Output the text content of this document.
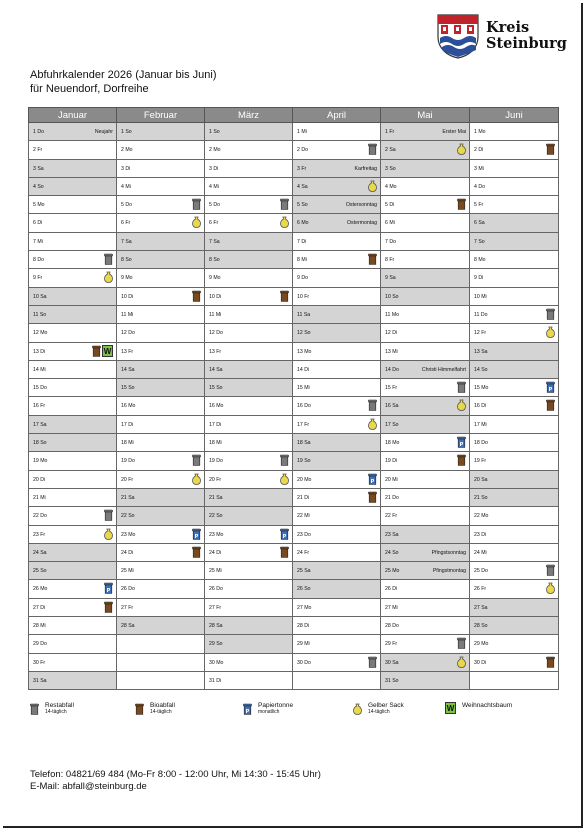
Kreis
Steinburg
Abfuhrkalender 2026 (Januar bis Juni)
für Neuendorf, Dorfreihe
Januar	Februar	März	April	Mai	Juni

1 Do Neujahr	1 So	1 So	1 Mi	1 Fr Erster Mai	1 Mo

2 Fr	2 Mo	2 Mo	2 Do	2 Sa	2 Di

3 Sa	3 Di	3 Di	3 Fr Karfreitag	3 So	3 Mi

4 So	4 Mi	4 Mi	4 Sa	4 Mo	4 Do

5 Mo	5 Do	5 Do	5 So Ostersonntag	5 Di	5 Fr

6 Di	6 Fr	6 Fr	6 Mo Ostermontag	6 Mi	6 Sa

7 Mi	7 Sa	7 Sa	7 Di	7 Do	7 So

8 Do	8 So	8 So	8 Mi	8 Fr	8 Mo

9 Fr	9 Mo	9 Mo	9 Do	9 Sa	9 Di

10 Sa	10 Di	10 Di	10 Fr	10 So	10 Mi

11 So	11 Mi	11 Mi	11 Sa	11 Mo	11 Do

12 Mo	12 Do	12 Do	12 So	12 Di	12 Fr

13 Di W	13 Fr	13 Fr	13 Mo	13 Mi	13 Sa

14 Mi	14 Sa	14 Sa	14 Di	14 Do Christi Himmelfahrt	14 So

15 Do	15 So	15 So	15 Mi	15 Fr	15 Mo P

16 Fr	16 Mo	16 Mo	16 Do	16 Sa	16 Di

17 Sa	17 Di	17 Di	17 Fr	17 So	17 Mi

18 So	18 Mi	18 Mi	18 Sa	18 Mo P	18 Do

19 Mo	19 Do	19 Do	19 So	19 Di	19 Fr

20 Di	20 Fr	20 Fr	20 Mo P	20 Mi	20 Sa

21 Mi	21 Sa	21 Sa	21 Di	21 Do	21 So

22 Do	22 So	22 So	22 Mi	22 Fr	22 Mo

23 Fr	23 Mo P	23 Mo P	23 Do	23 Sa	23 Di

24 Sa	24 Di	24 Di	24 Fr	24 So Pfingstsonntag	24 Mi

25 So	25 Mi	25 Mi	25 Sa	25 Mo Pfingstmontag	25 Do

26 Mo P	26 Do	26 Do	26 So	26 Di	26 Fr

27 Di	27 Fr	27 Fr	27 Mo	27 Mi	27 Sa

28 Mi	28 Sa	28 Sa	28 Di	28 Do	28 So

29 Do		29 So	29 Mi	29 Fr	29 Mo

30 Fr		30 Mo	30 Do	30 Sa	30 Di

31 Sa		31 Di		31 So	

Restabfall
14-täglich
Bioabfall
14-täglich	P
Papiertonne
monatlich
Gelber Sack
14-täglich	W Weihnachtsbaum
Telefon: 04821/69 484 (Mo-Fr 8:00 - 12:00 Uhr, Mi 14:30 - 15:45 Uhr)
E-Mail: abfall@steinburg.de
